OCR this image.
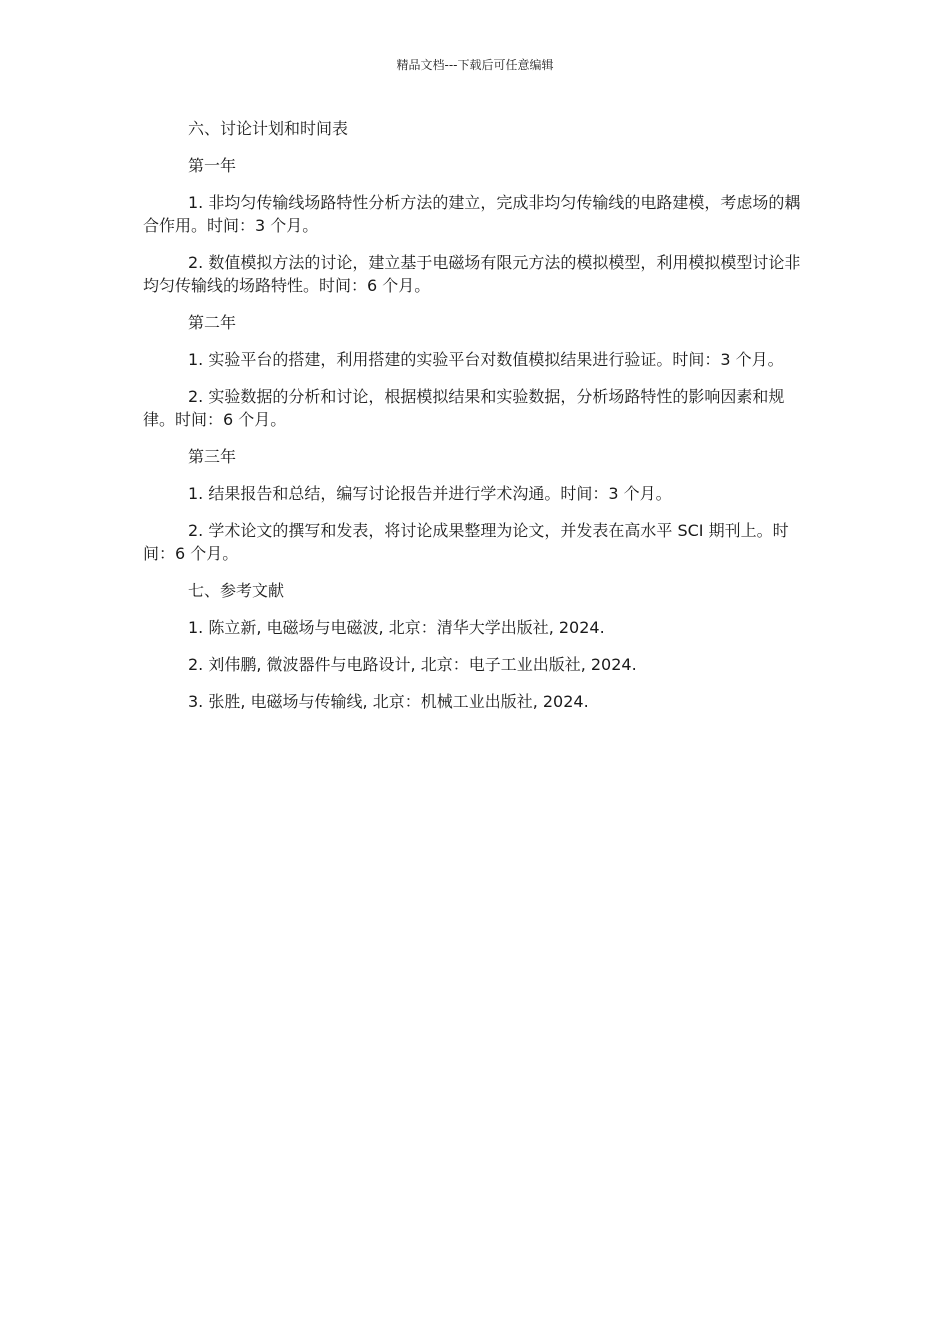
精品文档---下载后可任意编辑

六、讨论计划和时间表

第一年

1. 非均匀传输线场路特性分析方法的建立，完成非均匀传输线的电路建模，考虑场的耦合作用。时间：3 个月。

2. 数值模拟方法的讨论，建立基于电磁场有限元方法的模拟模型，利用模拟模型讨论非均匀传输线的场路特性。时间：6 个月。

第二年

1. 实验平台的搭建，利用搭建的实验平台对数值模拟结果进行验证。时间：3 个月。

2. 实验数据的分析和讨论，根据模拟结果和实验数据，分析场路特性的影响因素和规律。时间：6 个月。

第三年

1. 结果报告和总结，编写讨论报告并进行学术沟通。时间：3 个月。

2. 学术论文的撰写和发表，将讨论成果整理为论文，并发表在高水平 SCI 期刊上。时间：6 个月。

七、参考文献

1. 陈立新, 电磁场与电磁波, 北京：清华大学出版社, 2024.

2. 刘伟鹏, 微波器件与电路设计, 北京：电子工业出版社, 2024.

3. 张胜, 电磁场与传输线, 北京：机械工业出版社, 2024.
